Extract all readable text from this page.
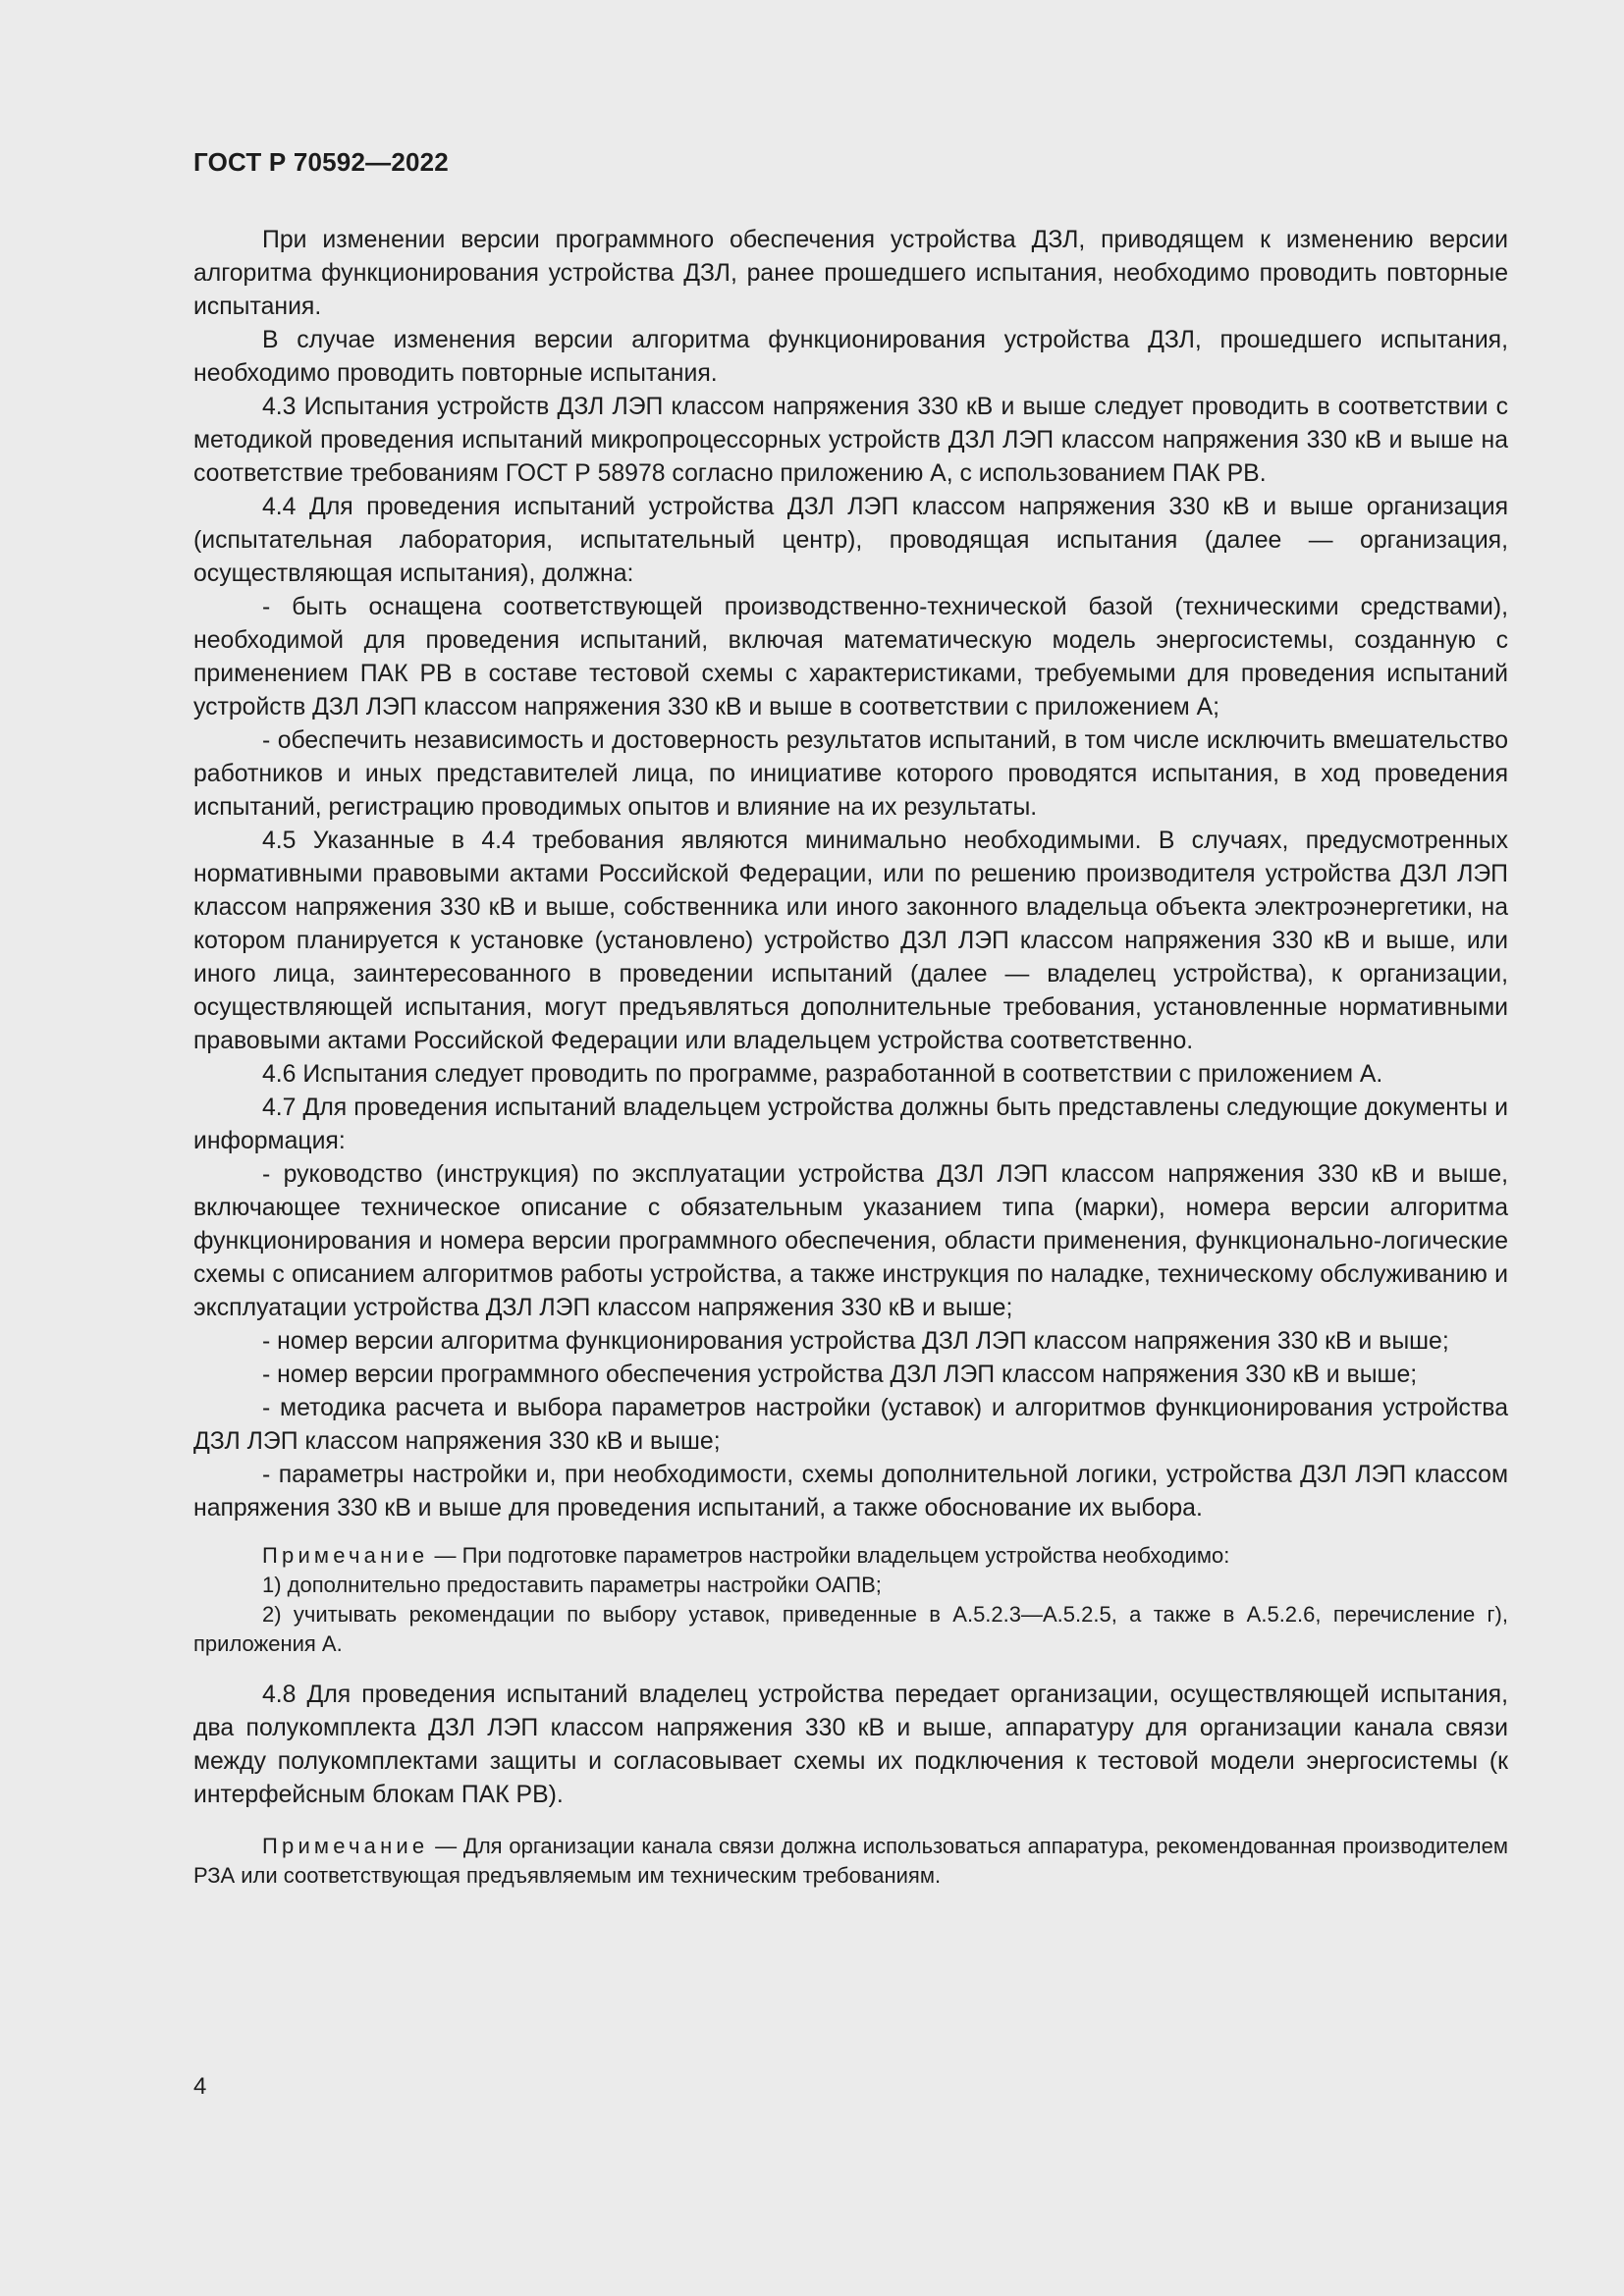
ГОСТ Р 70592—2022

При изменении версии программного обеспечения устройства ДЗЛ, приводящем к изменению версии алгоритма функционирования устройства ДЗЛ, ранее прошедшего испытания, необходимо проводить повторные испытания.

В случае изменения версии алгоритма функционирования устройства ДЗЛ, прошедшего испытания, необходимо проводить повторные испытания.

4.3 Испытания устройств ДЗЛ ЛЭП классом напряжения 330 кВ и выше следует проводить в соответствии с методикой проведения испытаний микропроцессорных устройств ДЗЛ ЛЭП классом напряжения 330 кВ и выше на соответствие требованиям ГОСТ Р 58978 согласно приложению А, с использованием ПАК РВ.

4.4 Для проведения испытаний устройства ДЗЛ ЛЭП классом напряжения 330 кВ и выше организация (испытательная лаборатория, испытательный центр), проводящая испытания (далее — организация, осуществляющая испытания), должна:

- быть оснащена соответствующей производственно-технической базой (техническими средствами), необходимой для проведения испытаний, включая математическую модель энергосистемы, созданную с применением ПАК РВ в составе тестовой схемы с характеристиками, требуемыми для проведения испытаний устройств ДЗЛ ЛЭП классом напряжения 330 кВ и выше в соответствии с приложением А;

- обеспечить независимость и достоверность результатов испытаний, в том числе исключить вмешательство работников и иных представителей лица, по инициативе которого проводятся испытания, в ход проведения испытаний, регистрацию проводимых опытов и влияние на их результаты.

4.5 Указанные в 4.4 требования являются минимально необходимыми. В случаях, предусмотренных нормативными правовыми актами Российской Федерации, или по решению производителя устройства ДЗЛ ЛЭП классом напряжения 330 кВ и выше, собственника или иного законного владельца объекта электроэнергетики, на котором планируется к установке (установлено) устройство ДЗЛ ЛЭП классом напряжения 330 кВ и выше, или иного лица, заинтересованного в проведении испытаний (далее — владелец устройства), к организации, осуществляющей испытания, могут предъявляться дополнительные требования, установленные нормативными правовыми актами Российской Федерации или владельцем устройства соответственно.

4.6 Испытания следует проводить по программе, разработанной в соответствии с приложением А.

4.7 Для проведения испытаний владельцем устройства должны быть представлены следующие документы и информация:

- руководство (инструкция) по эксплуатации устройства ДЗЛ ЛЭП классом напряжения 330 кВ и выше, включающее техническое описание с обязательным указанием типа (марки), номера версии алгоритма функционирования и номера версии программного обеспечения, области применения, функционально-логические схемы с описанием алгоритмов работы устройства, а также инструкция по наладке, техническому обслуживанию и эксплуатации устройства ДЗЛ ЛЭП классом напряжения 330 кВ и выше;

- номер версии алгоритма функционирования устройства ДЗЛ ЛЭП классом напряжения 330 кВ и выше;

- номер версии программного обеспечения устройства ДЗЛ ЛЭП классом напряжения 330 кВ и выше;

- методика расчета и выбора параметров настройки (уставок) и алгоритмов функционирования устройства ДЗЛ ЛЭП классом напряжения 330 кВ и выше;

- параметры настройки и, при необходимости, схемы дополнительной логики, устройства ДЗЛ ЛЭП классом напряжения 330 кВ и выше для проведения испытаний, а также обоснование их выбора.

Примечание — При подготовке параметров настройки владельцем устройства необходимо:

1) дополнительно предоставить параметры настройки ОАПВ;

2) учитывать рекомендации по выбору уставок, приведенные в А.5.2.3—А.5.2.5, а также в А.5.2.6, перечисление г), приложения А.

4.8 Для проведения испытаний владелец устройства передает организации, осуществляющей испытания, два полукомплекта ДЗЛ ЛЭП классом напряжения 330 кВ и выше, аппаратуру для организации канала связи между полукомплектами защиты и согласовывает схемы их подключения к тестовой модели энергосистемы (к интерфейсным блокам ПАК РВ).

Примечание — Для организации канала связи должна использоваться аппаратура, рекомендованная производителем РЗА или соответствующая предъявляемым им техническим требованиям.

4
